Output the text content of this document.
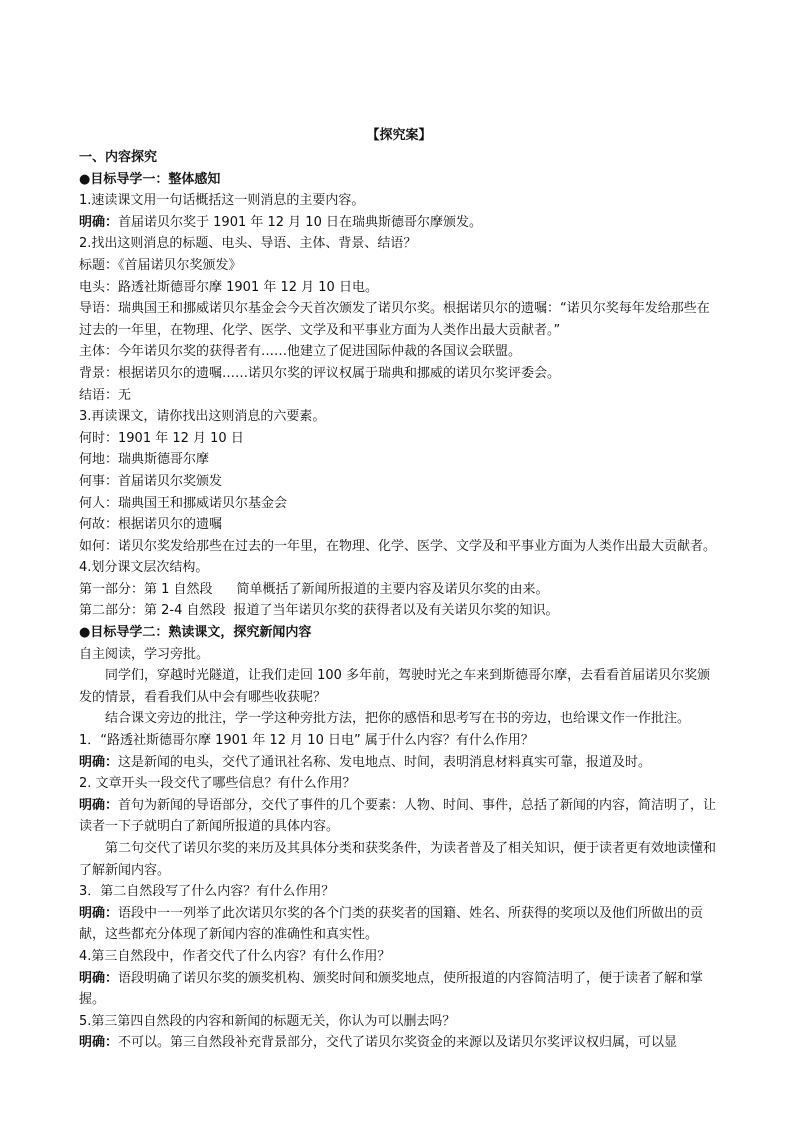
【探究案】

一、内容探究

●目标导学一：整体感知

1.速读课文用一句话概括这一则消息的主要内容。

明确：首届诺贝尔奖于 1901 年 12 月 10 日在瑞典斯德哥尔摩颁发。

2.找出这则消息的标题、电头、导语、主体、背景、结语？

标题：《首届诺贝尔奖颁发》

电头：路透社斯德哥尔摩 1901 年 12 月 10 日电。

导语：瑞典国王和挪威诺贝尔基金会今天首次颁发了诺贝尔奖。根据诺贝尔的遗嘱：“诺贝尔奖每年发给那些在过去的一年里，在物理、化学、医学、文学及和平事业方面为人类作出最大贡献者。”

主体：今年诺贝尔奖的获得者有……他建立了促进国际仲裁的各国议会联盟。

背景：根据诺贝尔的遗嘱……诺贝尔奖的评议权属于瑞典和挪威的诺贝尔奖评委会。

结语：无

3.再读课文，请你找出这则消息的六要素。

何时：1901 年 12 月 10 日

何地：瑞典斯德哥尔摩

何事：首届诺贝尔奖颁发

何人：瑞典国王和挪威诺贝尔基金会

何故：根据诺贝尔的遗嘱

如何：诺贝尔奖发给那些在过去的一年里，在物理、化学、医学、文学及和平事业方面为人类作出最大贡献者。

4.划分课文层次结构。

第一部分：第 1 自然段 简单概括了新闻所报道的主要内容及诺贝尔奖的由来。

第二部分：第 2-4 自然段 报道了当年诺贝尔奖的获得者以及有关诺贝尔奖的知识。

●目标导学二：熟读课文，探究新闻内容

自主阅读，学习旁批。

同学们，穿越时光隧道，让我们走回 100 多年前，驾驶时光之车来到斯德哥尔摩，去看看首届诺贝尔奖颁发的情景，看看我们从中会有哪些收获呢？

结合课文旁边的批注，学一学这种旁批方法，把你的感悟和思考写在书的旁边，也给课文作一作批注。

1．“路透社斯德哥尔摩 1901 年 12 月 10 日电” 属于什么内容？有什么作用？

明确：这是新闻的电头，交代了通讯社名称、发电地点、时间，表明消息材料真实可靠，报道及时。

2. 文章开头一段交代了哪些信息？有什么作用？

明确：首句为新闻的导语部分，交代了事件的几个要素：人物、时间、事件，总括了新闻的内容，简洁明了，让读者一下子就明白了新闻所报道的具体内容。

第二句交代了诺贝尔奖的来历及其具体分类和获奖条件，为读者普及了相关知识，便于读者更有效地读懂和了解新闻内容。

3．第二自然段写了什么内容？有什么作用？

明确：语段中一一列举了此次诺贝尔奖的各个门类的获奖者的国籍、姓名、所获得的奖项以及他们所做出的贡献，这些都充分体现了新闻内容的准确性和真实性。

4.第三自然段中，作者交代了什么内容？有什么作用？

明确：语段明确了诺贝尔奖的颁奖机构、颁奖时间和颁奖地点，使所报道的内容简洁明了，便于读者了解和掌握。

5.第三第四自然段的内容和新闻的标题无关，你认为可以删去吗？

明确：不可以。第三自然段补充背景部分，交代了诺贝尔奖资金的来源以及诺贝尔奖评议权归属，可以显
